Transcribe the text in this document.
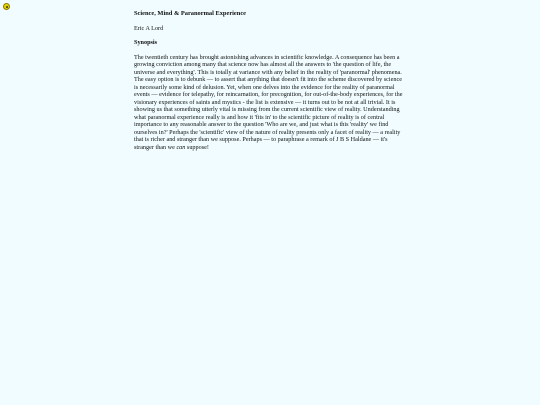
Science, Mind & Paranormal Experience
Eric A Lord
Synopsis

The twentieth century has brought astonishing advances in scientific knowledge. A consequence has been a growing conviction among many that science now has almost all the answers to 'the question of life, the universe and everything'. This is totally at variance with any belief in the reality of 'paranormal' phenomena. The easy option is to debunk — to assert that anything that doesn't fit into the scheme discovered by science is necessarily some kind of delusion. Yet, when one delves into the evidence for the reality of paranormal events — evidence for telepathy, for reincarnation, for precognition, for out-of-the-body experiences, for the visionary experiences of saints and mystics - the list is extensive — it turns out to be not at all trivial. It is showing us that something utterly vital is missing from the current scientific view of reality. Understanding what paranormal experience really is and how it 'fits in' to the scientific picture of reality is of central importance to any reasonable answer to the question 'Who are we, and just what is this 'reality' we find ourselves in?' Perhaps the 'scientific' view of the nature of reality presents only a facet of reality — a reality that is richer and stranger than we suppose. Perhaps — to paraphrase a remark of J B S Haldane — it's stranger than we can suppose!
